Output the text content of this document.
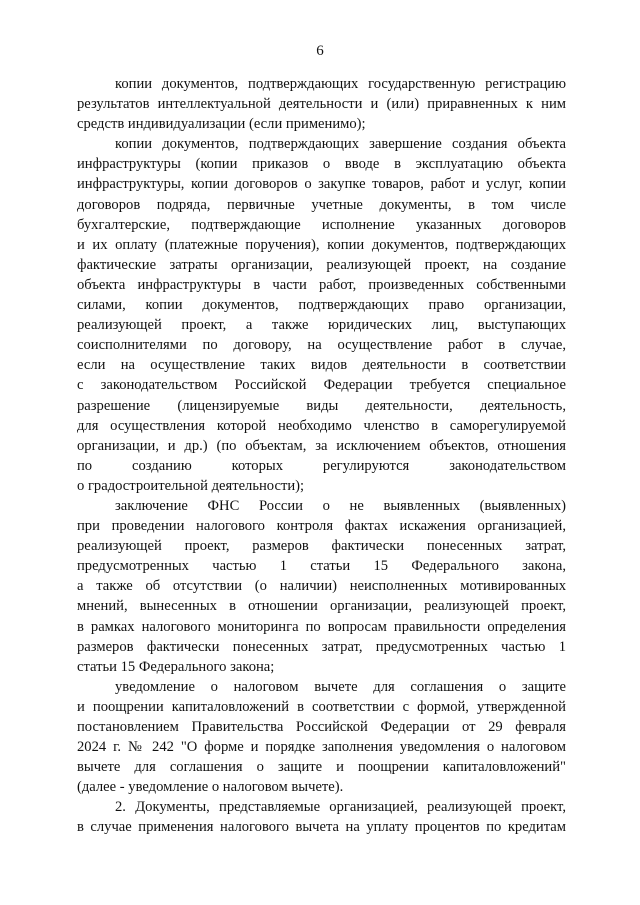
6
копии документов, подтверждающих государственную регистрацию
результатов интеллектуальной деятельности и (или) приравненных к ним
средств индивидуализации (если применимо);
копии документов, подтверждающих завершение создания объекта
инфраструктуры (копии приказов о вводе в эксплуатацию объекта
инфраструктуры, копии договоров о закупке товаров, работ и услуг, копии
договоров подряда, первичные учетные документы, в том числе
бухгалтерские, подтверждающие исполнение указанных договоров
и их оплату (платежные поручения), копии документов, подтверждающих
фактические затраты организации, реализующей проект, на создание
объекта инфраструктуры в части работ, произведенных собственными
силами, копии документов, подтверждающих право организации,
реализующей проект, а также юридических лиц, выступающих
соисполнителями по договору, на осуществление работ в случае,
если на осуществление таких видов деятельности в соответствии
с законодательством Российской Федерации требуется специальное
разрешение (лицензируемые виды деятельности, деятельность,
для осуществления которой необходимо членство в саморегулируемой
организации, и др.) (по объектам, за исключением объектов, отношения
по созданию которых регулируются законодательством
о градостроительной деятельности);
заключение ФНС России о не выявленных (выявленных)
при проведении налогового контроля фактах искажения организацией,
реализующей проект, размеров фактически понесенных затрат,
предусмотренных частью 1 статьи 15 Федерального закона,
а также об отсутствии (о наличии) неисполненных мотивированных
мнений, вынесенных в отношении организации, реализующей проект,
в рамках налогового мониторинга по вопросам правильности определения
размеров фактически понесенных затрат, предусмотренных частью 1
статьи 15 Федерального закона;
уведомление о налоговом вычете для соглашения о защите
и поощрении капиталовложений в соответствии с формой, утвержденной
постановлением Правительства Российской Федерации от 29 февраля
2024 г. № 242 "О форме и порядке заполнения уведомления о налоговом
вычете для соглашения о защите и поощрении капиталовложений"
(далее - уведомление о налоговом вычете).
2. Документы, представляемые организацией, реализующей проект,
в случае применения налогового вычета на уплату процентов по кредитам
